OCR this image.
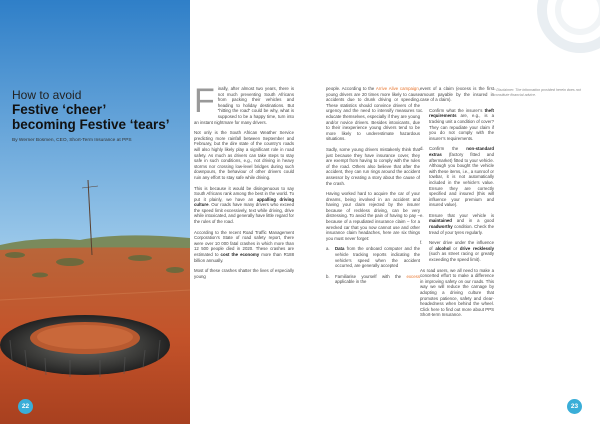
How to avoid
Festive ‘cheer’
becoming Festive ‘tears’
By Werner Bosmen, CEO, Short-Term Insurance at PPS

F inally, after almost two years, there is not much preventing South Africans from packing their vehicles and heading to holiday destinations. But “hitting the road” could be why, what is supposed to be a happy time, turn into an instant nightmare for many drivers.

Not only is the South African Weather Service predicting more rainfall between September and February, but the dire state of the country’s roads will also highly likely play a significant role in road safety. As much as drivers can take steps to stay safe in such conditions, e.g., not driving in heavy storms nor crossing low-level bridges during such downpours, the behaviour of other drivers could ruin any effort to stay safe while driving.

This is because it would be disingenuous to say South Africans rank among the best in the world. To put it plainly, we have an appalling driving culture. Our roads have many drivers who exceed the speed limit excessively, text while driving, drive while intoxicated, and generally have little regard for the rules of the road.

According to the recent Road Traffic Management Corporation’s State of road safety report, there were over 10 000 fatal crashes in which more than 12 500 people died in 2020. These crashes are estimated to cost the economy more than R188 billion annually.

Most of these crashes shatter the lives of especially young

22

people. According to the Arrive Alive campaign, young drivers are 20 times more likely to cause accidents due to drunk driving or speeding. These statistics should convince drivers of the urgency and the need to intensify measures to educate themselves, especially if they are young and/or novice drivers. Besides intoxicants, due to their inexperience young drivers tend to be more likely to underestimate hazardous situations.

Sadly, some young drivers mistakenly think that just because they have insurance cover, they are exempt from having to comply with the rules of the road. Others also believe that after the accident, they can run rings around the accident assessor by creating a story about the cause of the crash.

Having worked hard to acquire the car of your dreams, being involved in an accident and having your claim rejected by the insurer because of reckless driving, can be very distressing. To avoid the pain of having to pay – because of a repudiated insurance claim – for a wrecked car that you now cannot use and other insurance claim headaches, here are six things you must never forget:

a.	Data from the onboard computer and the vehicle tracking reports indicating the vehicle’s speed when the accident occurred, are generally accepted
b.	Familiarise yourself with the excess applicable in the

event of a claim (excess is the first amount payable by the insured in case of a claim).

c.	Confirm what the insurer’s theft requirements are, e.g., is a tracking unit a condition of cover? They can repudiate your claim if you do not comply with the insurer’s requirements.
d.	Confirm the non-standard extras (factory fitted and aftermarket) fitted to your vehicle. Although you bought the vehicle with these items, i.e., a sunroof or towbar, it is not automatically included in the vehicle’s value. Ensure they are correctly specified and insured (this will influence your premium and insured value).
e.	Ensure that your vehicle is maintained and in a good roadworthy condition. Check the tread of your tyres regularly.
f.	Never drive under the influence of alcohol or drive recklessly (such as street racing or greatly exceeding the speed limit).

As road users, we all need to make a concerted effort to make a difference in improving safety on our roads. This way we will reduce the carnage by adopting a driving culture that promotes patience, safety and clear-headedness when behind the wheel. Click here to find out more about PPS Short-term Insurance.

* Disclaimer: The information provided herein does not constitute financial advice.
23
